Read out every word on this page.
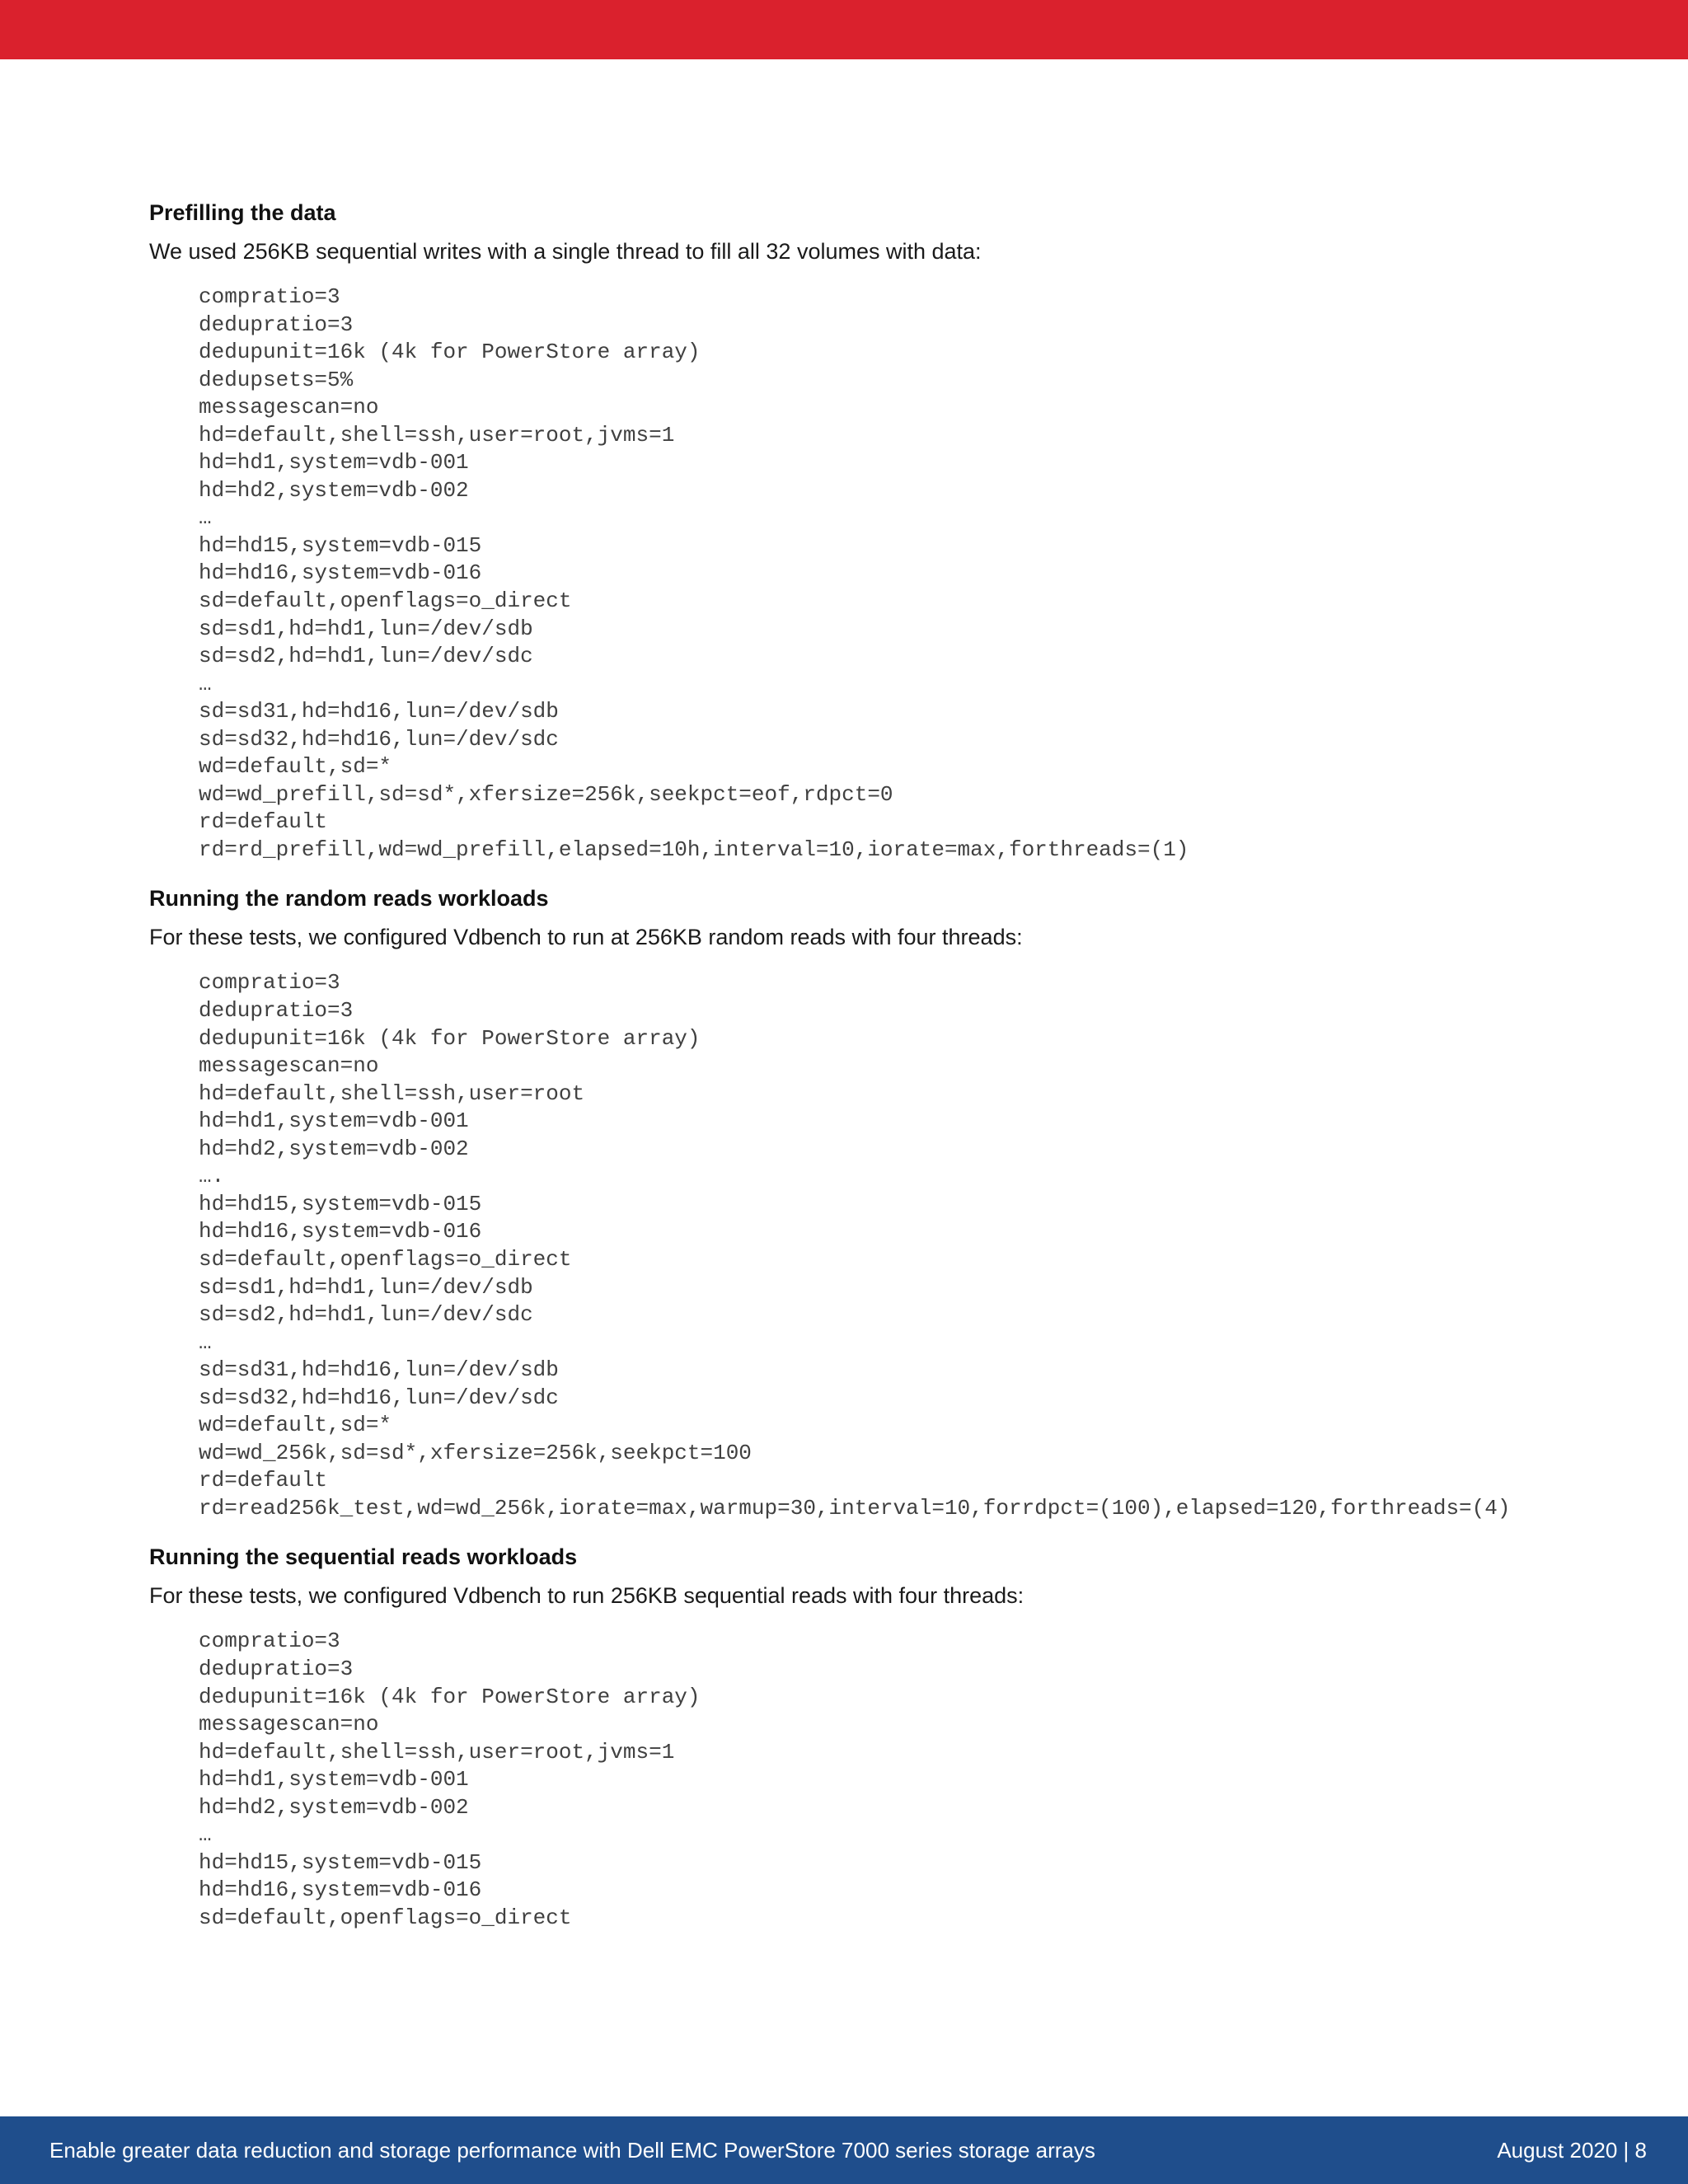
Prefilling the data
We used 256KB sequential writes with a single thread to fill all 32 volumes with data:
compratio=3
dedupratio=3
dedupunit=16k (4k for PowerStore array)
dedupsets=5%
messagescan=no
hd=default,shell=ssh,user=root,jvms=1
hd=hd1,system=vdb-001
hd=hd2,system=vdb-002
…
hd=hd15,system=vdb-015
hd=hd16,system=vdb-016
sd=default,openflags=o_direct
sd=sd1,hd=hd1,lun=/dev/sdb
sd=sd2,hd=hd1,lun=/dev/sdc
…
sd=sd31,hd=hd16,lun=/dev/sdb
sd=sd32,hd=hd16,lun=/dev/sdc
wd=default,sd=*
wd=wd_prefill,sd=sd*,xfersize=256k,seekpct=eof,rdpct=0
rd=default
rd=rd_prefill,wd=wd_prefill,elapsed=10h,interval=10,iorate=max,forthreads=(1)
Running the random reads workloads
For these tests, we configured Vdbench to run at 256KB random reads with four threads:
compratio=3
dedupratio=3
dedupunit=16k (4k for PowerStore array)
messagescan=no
hd=default,shell=ssh,user=root
hd=hd1,system=vdb-001
hd=hd2,system=vdb-002
….
hd=hd15,system=vdb-015
hd=hd16,system=vdb-016
sd=default,openflags=o_direct
sd=sd1,hd=hd1,lun=/dev/sdb
sd=sd2,hd=hd1,lun=/dev/sdc
…
sd=sd31,hd=hd16,lun=/dev/sdb
sd=sd32,hd=hd16,lun=/dev/sdc
wd=default,sd=*
wd=wd_256k,sd=sd*,xfersize=256k,seekpct=100
rd=default
rd=read256k_test,wd=wd_256k,iorate=max,warmup=30,interval=10,forrdpct=(100),elapsed=120,forthreads=(4)
Running the sequential reads workloads
For these tests, we configured Vdbench to run 256KB sequential reads with four threads:
compratio=3
dedupratio=3
dedupunit=16k (4k for PowerStore array)
messagescan=no
hd=default,shell=ssh,user=root,jvms=1
hd=hd1,system=vdb-001
hd=hd2,system=vdb-002
…
hd=hd15,system=vdb-015
hd=hd16,system=vdb-016
sd=default,openflags=o_direct
Enable greater data reduction and storage performance with Dell EMC PowerStore 7000 series storage arrays	August 2020 | 8
